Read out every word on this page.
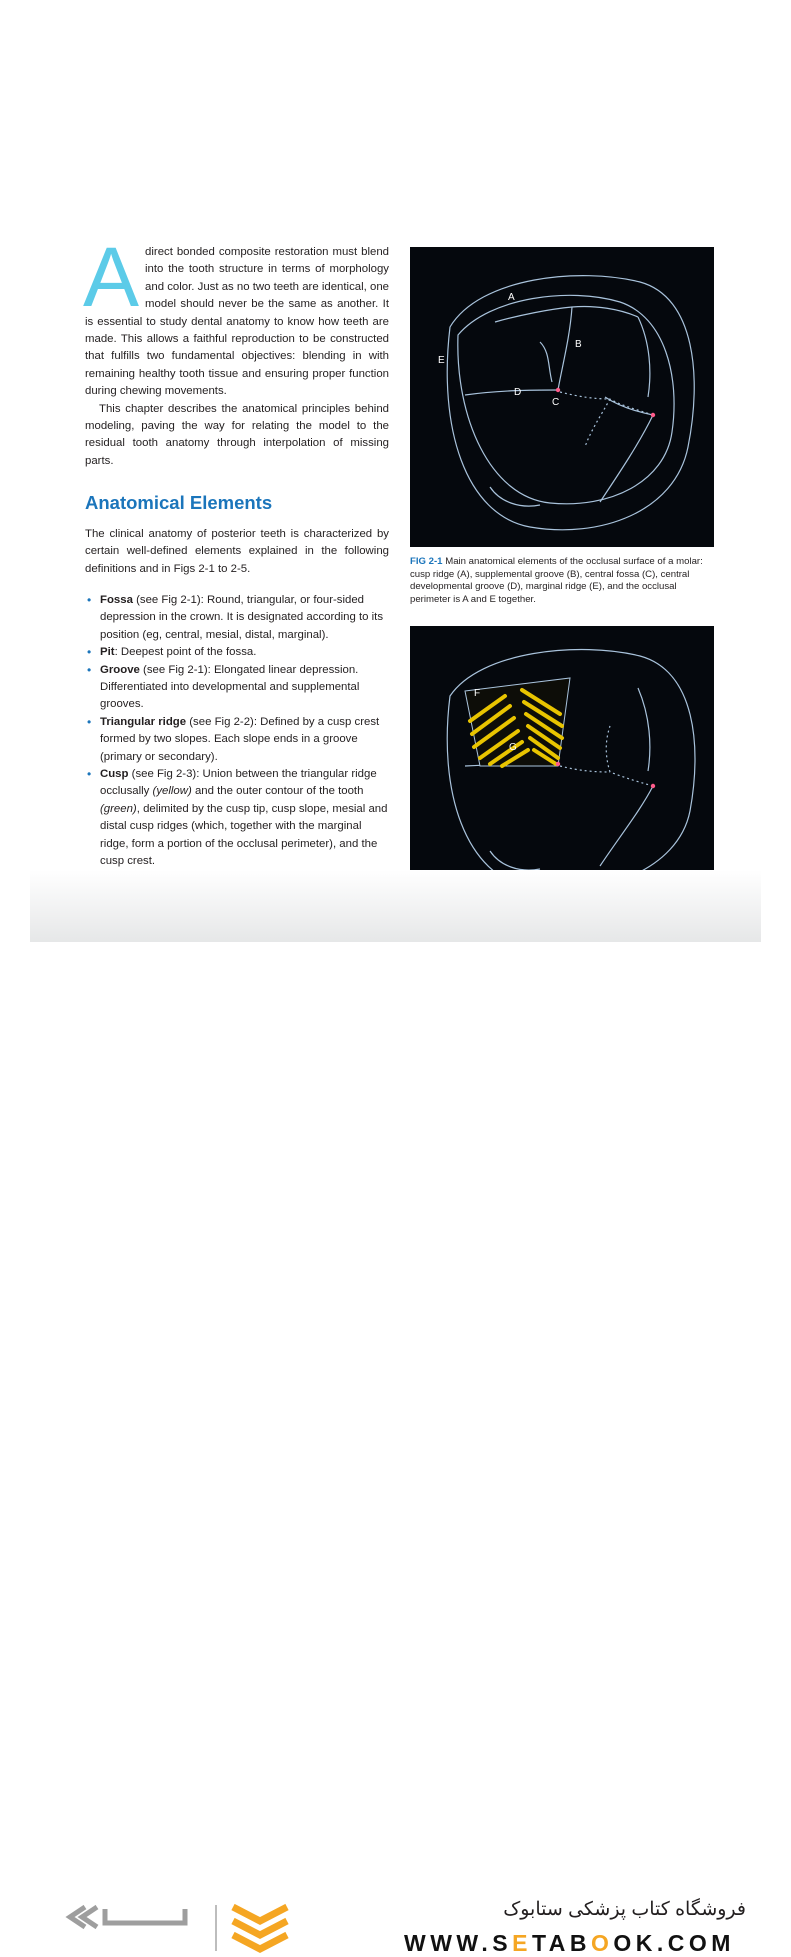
A direct bonded composite restoration must blend into the tooth structure in terms of morphology and color. Just as no two teeth are identical, one model should never be the same as another. It is essential to study dental anatomy to know how teeth are made. This allows a faithful reproduction to be constructed that fulfills two fundamental objectives: blending in with remaining healthy tooth tissue and ensuring proper function during chewing movements.

This chapter describes the anatomical principles behind modeling, paving the way for relating the model to the residual tooth anatomy through interpolation of missing parts.

Anatomical Elements

The clinical anatomy of posterior teeth is characterized by certain well-defined elements explained in the following definitions and in Figs 2-1 to 2-5.

• Fossa (see Fig 2-1): Round, triangular, or four-sided depression in the crown. It is designated according to its position (eg, central, mesial, distal, marginal).
• Pit: Deepest point of the fossa.
• Groove (see Fig 2-1): Elongated linear depression. Differentiated into developmental and supplemental grooves.
• Triangular ridge (see Fig 2-2): Defined by a cusp crest formed by two slopes. Each slope ends in a groove (primary or secondary).
• Cusp (see Fig 2-3): Union between the triangular ridge occlusally (yellow) and the outer contour of the tooth (green), delimited by the cusp tip, cusp slope, mesial and distal cusp ridges (which, together with the marginal ridge, form a portion of the occlusal perimeter), and the cusp crest.
A
B
C
D
E

FIG 2-1 Main anatomical elements of the occlusal surface of a molar: cusp ridge (A), supplemental groove (B), central fossa (C), central developmental groove (D), marginal ridge (E), and the occlusal perimeter is A and E together.

F
G

فروشگاه کتاب پزشکی ستابوک
WWW.SETABOOK.COM
